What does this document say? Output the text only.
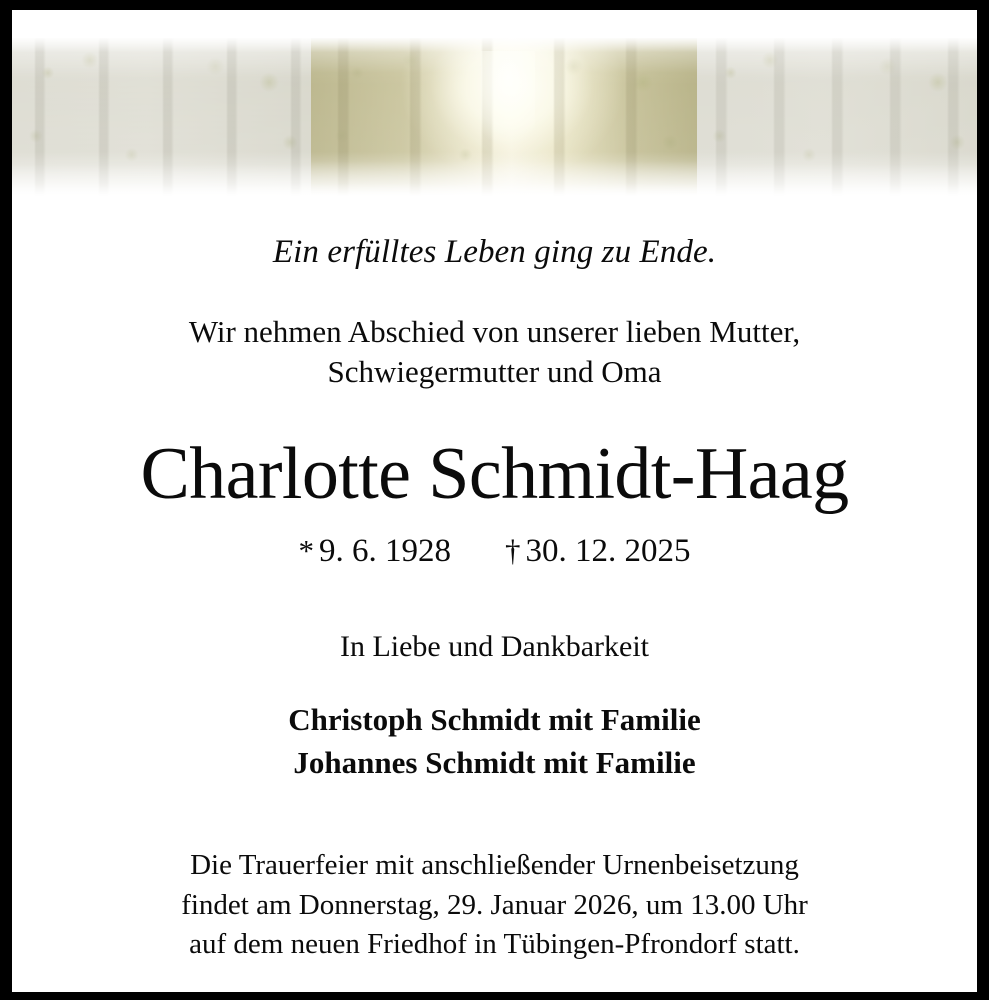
Ein erfülltes Leben ging zu Ende.

Wir nehmen Abschied von unserer lieben Mutter,
Schwiegermutter und Oma

Charlotte Schmidt-Haag

* 9. 6. 1928 † 30. 12. 2025

In Liebe und Dankbarkeit

Christoph Schmidt mit Familie
Johannes Schmidt mit Familie

Die Trauerfeier mit anschließender Urnenbeisetzung
findet am Donnerstag, 29. Januar 2026, um 13.00 Uhr
auf dem neuen Friedhof in Tübingen-Pfrondorf statt.
